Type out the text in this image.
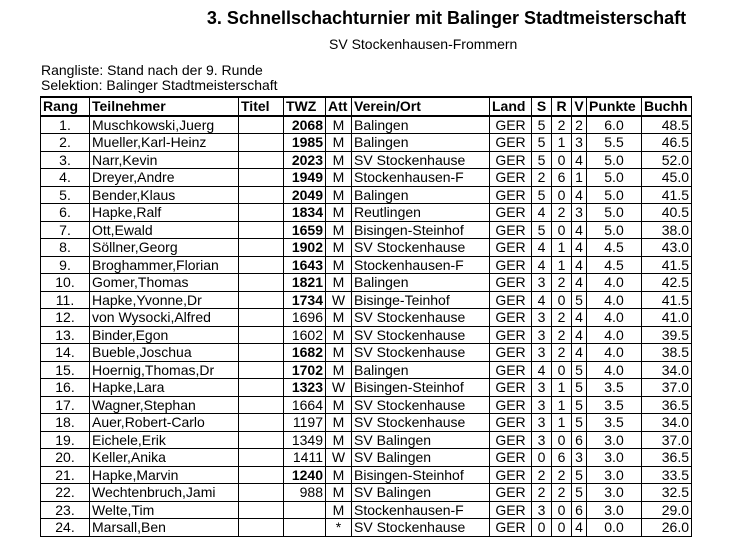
3. Schnellschachturnier mit Balinger Stadtmeisterschaft
SV Stockenhausen-Frommern
Rangliste: Stand nach der 9. Runde
Selektion: Balinger Stadtmeisterschaft
Rang	Teilnehmer	Titel	TWZ	Att	Verein/Ort	Land	S	R	V	Punkte	Buchh
1.	Muschkowski,Juerg		2068	M	Balingen	GER	5	2	2	6.0	48.5
2.	Mueller,Karl-Heinz		1985	M	Balingen	GER	5	1	3	5.5	46.5
3.	Narr,Kevin		2023	M	SV Stockenhause	GER	5	0	4	5.0	52.0
4.	Dreyer,Andre		1949	M	Stockenhausen-F	GER	2	6	1	5.0	45.0
5.	Bender,Klaus		2049	M	Balingen	GER	5	0	4	5.0	41.5
6.	Hapke,Ralf		1834	M	Reutlingen	GER	4	2	3	5.0	40.5
7.	Ott,Ewald		1659	M	Bisingen-Steinhof	GER	5	0	4	5.0	38.0
8.	Söllner,Georg		1902	M	SV Stockenhause	GER	4	1	4	4.5	43.0
9.	Broghammer,Florian		1643	M	Stockenhausen-F	GER	4	1	4	4.5	41.5
10.	Gomer,Thomas		1821	M	Balingen	GER	3	2	4	4.0	42.5
11.	Hapke,Yvonne,Dr		1734	W	Bisinge-Teinhof	GER	4	0	5	4.0	41.5
12.	von Wysocki,Alfred		1696	M	SV Stockenhause	GER	3	2	4	4.0	41.0
13.	Binder,Egon		1602	M	SV Stockenhause	GER	3	2	4	4.0	39.5
14.	Bueble,Joschua		1682	M	SV Stockenhause	GER	3	2	4	4.0	38.5
15.	Hoernig,Thomas,Dr		1702	M	Balingen	GER	4	0	5	4.0	34.0
16.	Hapke,Lara		1323	W	Bisingen-Steinhof	GER	3	1	5	3.5	37.0
17.	Wagner,Stephan		1664	M	SV Stockenhause	GER	3	1	5	3.5	36.5
18.	Auer,Robert-Carlo		1197	M	SV Stockenhause	GER	3	1	5	3.5	34.0
19.	Eichele,Erik		1349	M	SV Balingen	GER	3	0	6	3.0	37.0
20.	Keller,Anika		1411	W	SV Balingen	GER	0	6	3	3.0	36.5
21.	Hapke,Marvin		1240	M	Bisingen-Steinhof	GER	2	2	5	3.0	33.5
22.	Wechtenbruch,Jami		988	M	SV Balingen	GER	2	2	5	3.0	32.5
23.	Welte,Tim			M	Stockenhausen-F	GER	3	0	6	3.0	29.0
24.	Marsall,Ben			*	SV Stockenhause	GER	0	0	4	0.0	26.0
